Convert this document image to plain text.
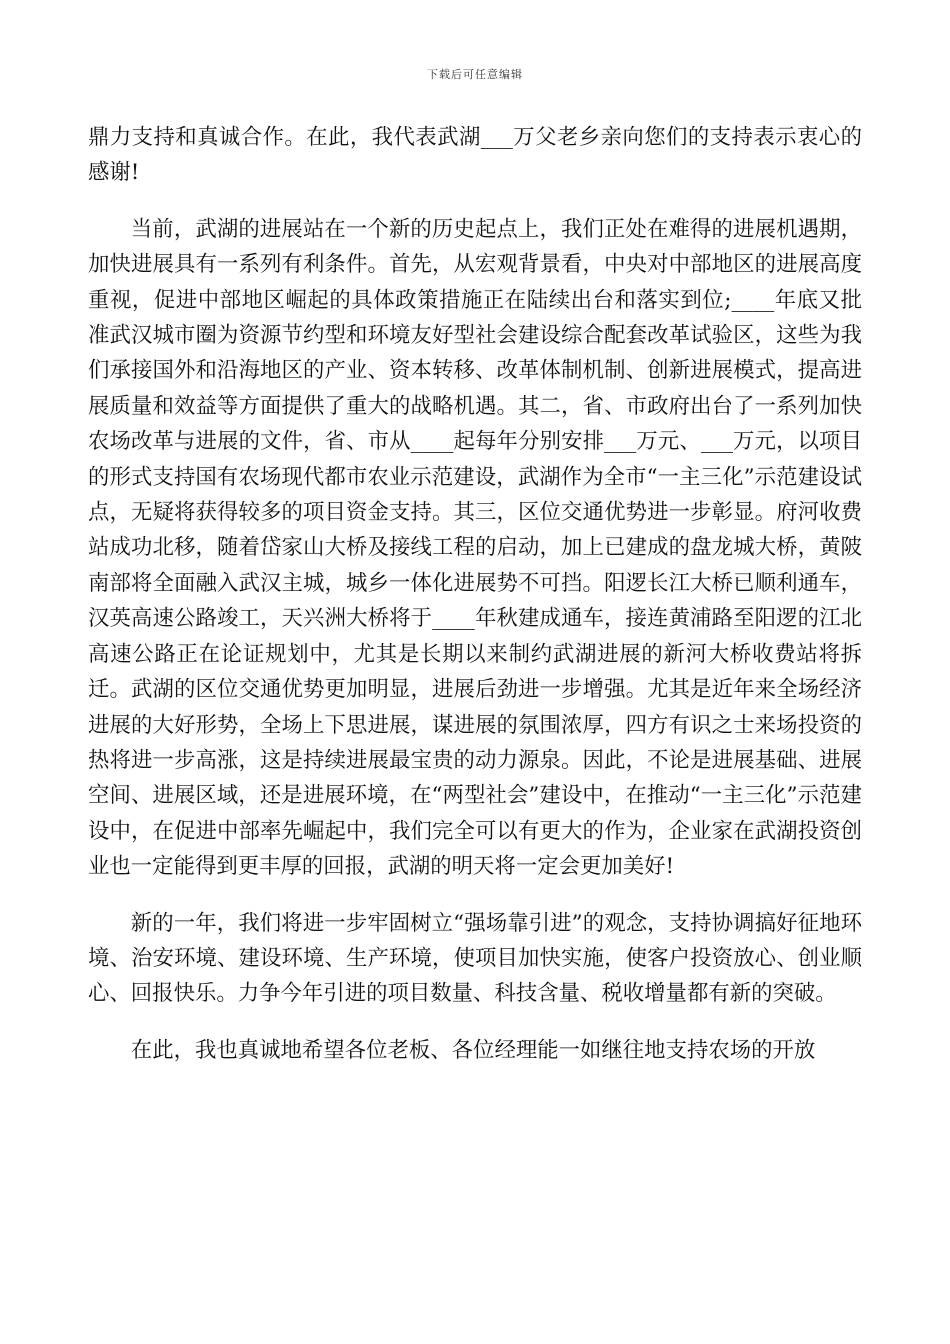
下载后可任意编辑

鼎力支持和真诚合作。在此，我代表武湖___万父老乡亲向您们的支持表示衷心的感谢!

当前，武湖的进展站在一个新的历史起点上，我们正处在难得的进展机遇期，加快进展具有一系列有利条件。首先，从宏观背景看，中央对中部地区的进展高度重视，促进中部地区崛起的具体政策措施正在陆续出台和落实到位;____年底又批准武汉城市圈为资源节约型和环境友好型社会建设综合配套改革试验区，这些为我们承接国外和沿海地区的产业、资本转移、改革体制机制、创新进展模式，提高进展质量和效益等方面提供了重大的战略机遇。其二，省、市政府出台了一系列加快农场改革与进展的文件，省、市从____起每年分别安排___万元、___万元，以项目的形式支持国有农场现代都市农业示范建设，武湖作为全市“一主三化”示范建设试点，无疑将获得较多的项目资金支持。其三，区位交通优势进一步彰显。府河收费站成功北移，随着岱家山大桥及接线工程的启动，加上已建成的盘龙城大桥，黄陂南部将全面融入武汉主城，城乡一体化进展势不可挡。阳逻长江大桥已顺利通车，汉英高速公路竣工，天兴洲大桥将于____年秋建成通车，接连黄浦路至阳逻的江北高速公路正在论证规划中，尤其是长期以来制约武湖进展的新河大桥收费站将拆迁。武湖的区位交通优势更加明显，进展后劲进一步增强。尤其是近年来全场经济进展的大好形势，全场上下思进展，谋进展的氛围浓厚，四方有识之士来场投资的热将进一步高涨，这是持续进展最宝贵的动力源泉。因此，不论是进展基础、进展空间、进展区域，还是进展环境，在“两型社会”建设中，在推动“一主三化”示范建设中，在促进中部率先崛起中，我们完全可以有更大的作为，企业家在武湖投资创业也一定能得到更丰厚的回报，武湖的明天将一定会更加美好!

新的一年，我们将进一步牢固树立“强场靠引进”的观念，支持协调搞好征地环境、治安环境、建设环境、生产环境，使项目加快实施，使客户投资放心、创业顺心、回报快乐。力争今年引进的项目数量、科技含量、税收增量都有新的突破。

在此，我也真诚地希望各位老板、各位经理能一如继往地支持农场的开放
